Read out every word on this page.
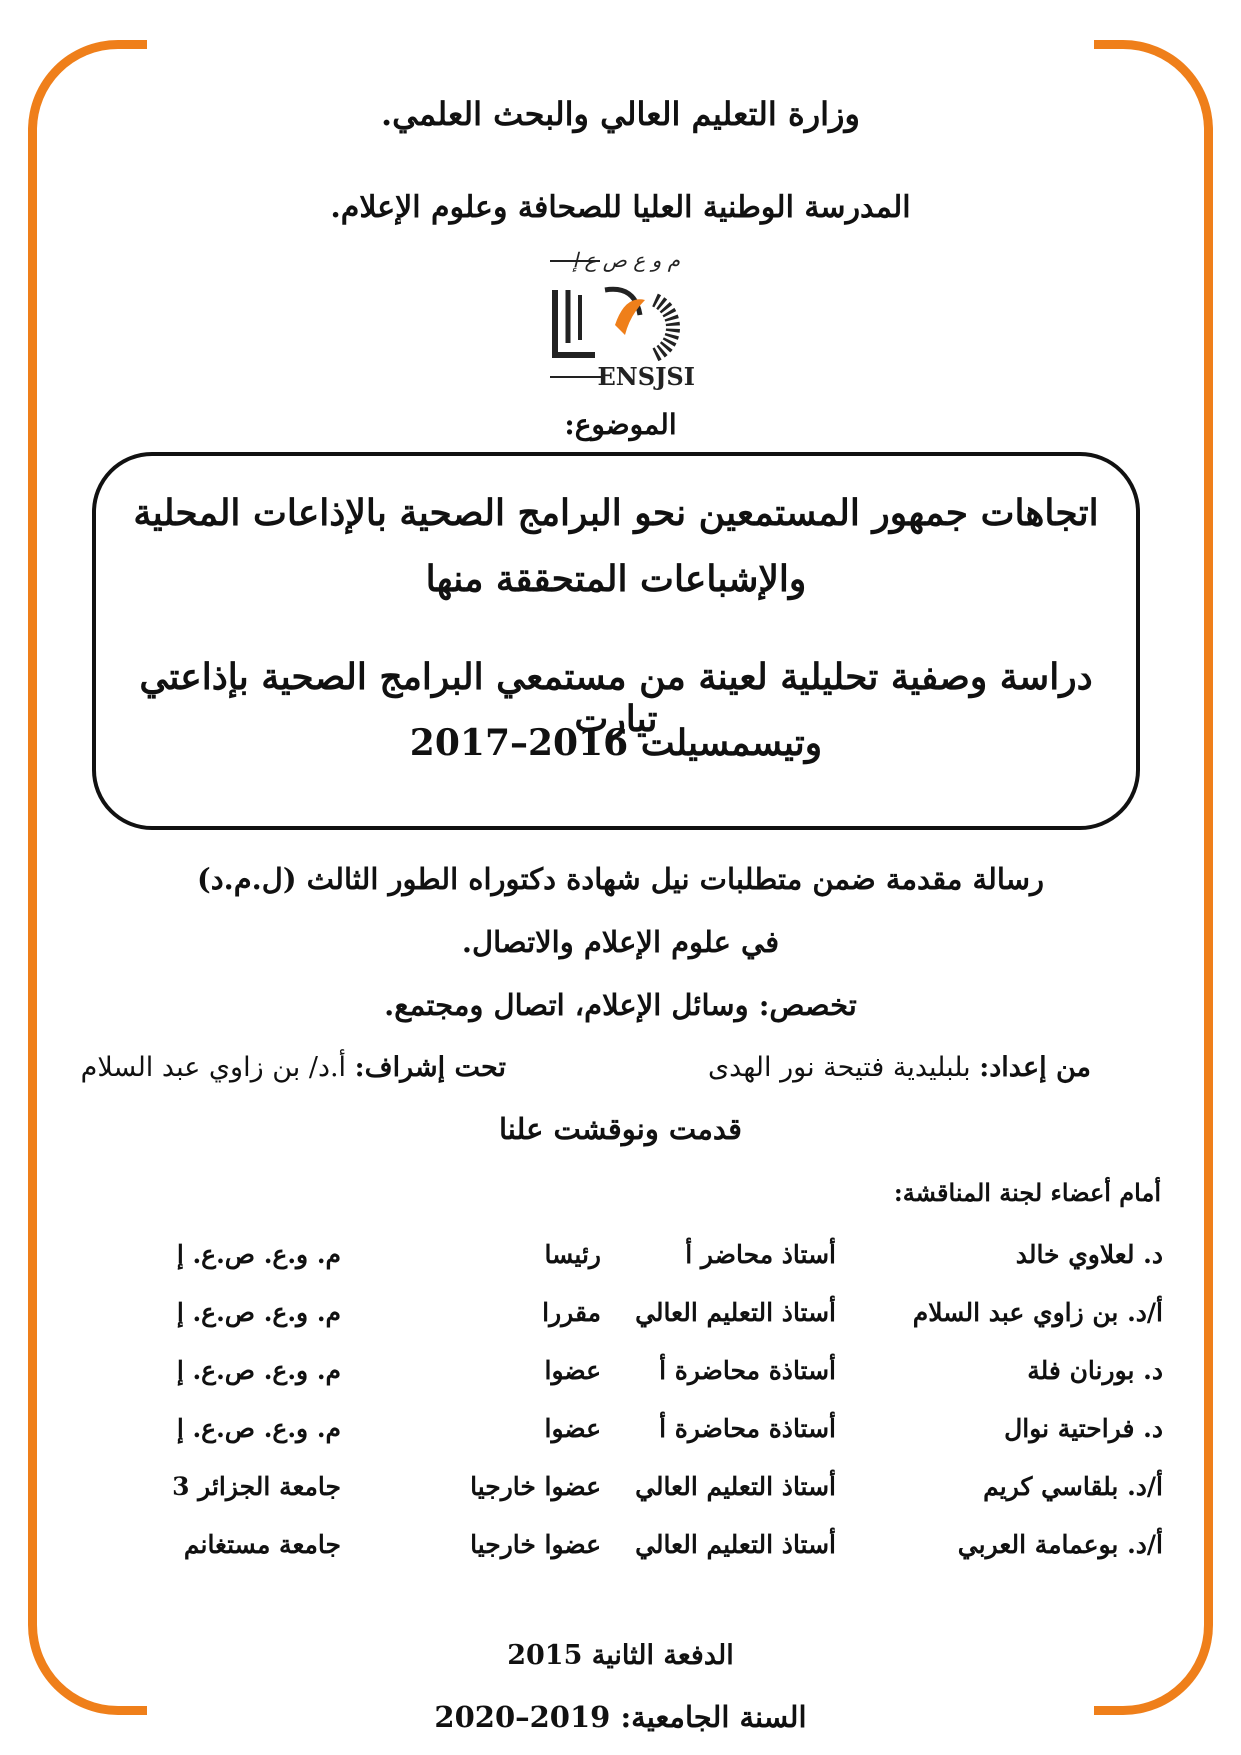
وزارة التعليم العالي والبحث العلمي.
المدرسة الوطنية العليا للصحافة وعلوم الإعلام.
م و ع ص ع إ
ENSJSI
الموضوع:
اتجاهات جمهور المستمعين نحو البرامج الصحية بالإذاعات المحلية
والإشباعات المتحققة منها
دراسة وصفية تحليلية لعينة من مستمعي البرامج الصحية بإذاعتي تيارت
وتيسمسيلت 2016–2017
رسالة مقدمة ضمن متطلبات نيل شهادة دكتوراه الطور الثالث (ل.م.د)
في علوم الإعلام والاتصال.
تخصص: وسائل الإعلام، اتصال ومجتمع.
من إعداد: بلبليدية فتيحة نور الهدى
تحت إشراف: أ.د/ بن زاوي عبد السلام
قدمت ونوقشت علنا
أمام أعضاء لجنة المناقشة:
د. لعلاوي خالد
أستاذ محاضر أ
رئيسا
م. و.ع. ص.ع. إ
أ/د. بن زاوي عبد السلام
أستاذ التعليم العالي
مقررا
م. و.ع. ص.ع. إ
د. بورنان فلة
أستاذة محاضرة أ
عضوا
م. و.ع. ص.ع. إ
د. فراحتية نوال
أستاذة محاضرة أ
عضوا
م. و.ع. ص.ع. إ
أ/د. بلقاسي كريم
أستاذ التعليم العالي
عضوا خارجيا
جامعة الجزائر 3
أ/د. بوعمامة العربي
أستاذ التعليم العالي
عضوا خارجيا
جامعة مستغانم
الدفعة الثانية 2015
السنة الجامعية: 2019–2020
